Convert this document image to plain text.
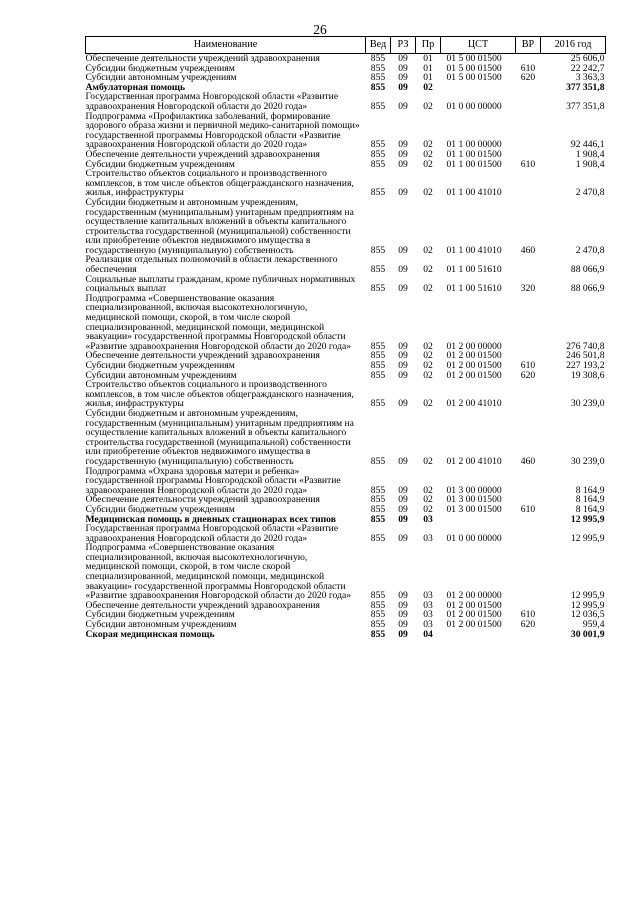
26
Наименование	Вед	РЗ	Пр	ЦСТ	ВР	2016 год
Обеспечение деятельности учреждений здравоохранения	855	09	01	01 5 00 01500		25 606,0
Субсидии бюджетным учреждениям	855	09	01	01 5 00 01500	610	22 242,7
Субсидии автономным учреждениям	855	09	01	01 5 00 01500	620	3 363,3
Амбулаторная помощь	855	09	02			377 351,8
Государственная программа Новгородской области «Развитие здравоохранения Новгородской области до 2020 года»	855	09	02	01 0 00 00000		377 351,8
Подпрограмма «Профилактика заболеваний, формирование здорового образа жизни и первичной медико-санитарной помощи» государственной программы Новгородской области «Развитие здравоохранения Новгородской области до 2020 года»	855	09	02	01 1 00 00000		92 446,1
Обеспечение деятельности учреждений здравоохранения	855	09	02	01 1 00 01500		1 908,4
Субсидии бюджетным учреждениям	855	09	02	01 1 00 01500	610	1 908,4
Строительство объектов социального и производственного комплексов, в том числе объектов общегражданского назначения, жилья, инфраструктуры	855	09	02	01 1 00 41010		2 470,8
Субсидии бюджетным и автономным учреждениям, государственным (муниципальным) унитарным предприятиям на осуществление капитальных вложений в объекты капитального строительства государственной (муниципальной) собственности или приобретение объектов недвижимого имущества в государственную (муниципальную) собственность	855	09	02	01 1 00 41010	460	2 470,8
Реализация отдельных полномочий в области лекарственного обеспечения	855	09	02	01 1 00 51610		88 066,9
Социальные выплаты гражданам, кроме публичных нормативных социальных выплат	855	09	02	01 1 00 51610	320	88 066,9
Подпрограмма «Совершенствование оказания специализированной, включая высокотехнологичную, медицинской помощи, скорой, в том числе скорой специализированной, медицинской помощи, медицинской эвакуации» государственной программы Новгородской области «Развитие здравоохранения Новгородской области до 2020 года»	855	09	02	01 2 00 00000		276 740,8
Обеспечение деятельности учреждений здравоохранения	855	09	02	01 2 00 01500		246 501,8
Субсидии бюджетным учреждениям	855	09	02	01 2 00 01500	610	227 193,2
Субсидии автономным учреждениям	855	09	02	01 2 00 01500	620	19 308,6
Строительство объектов социального и производственного комплексов, в том числе объектов общегражданского назначения, жилья, инфраструктуры	855	09	02	01 2 00 41010		30 239,0
Субсидии бюджетным и автономным учреждениям, государственным (муниципальным) унитарным предприятиям на осуществление капитальных вложений в объекты капитального строительства государственной (муниципальной) собственности или приобретение объектов недвижимого имущества в государственную (муниципальную) собственность	855	09	02	01 2 00 41010	460	30 239,0
Подпрограмма «Охрана здоровья матери и ребенка» государственной программы Новгородской области «Развитие здравоохранения Новгородской области до 2020 года»	855	09	02	01 3 00 00000		8 164,9
Обеспечение деятельности учреждений здравоохранения	855	09	02	01 3 00 01500		8 164,9
Субсидии бюджетным учреждениям	855	09	02	01 3 00 01500	610	8 164,9
Медицинская помощь в дневных стационарах всех типов	855	09	03			12 995,9
Государственная программа Новгородской области «Развитие здравоохранения Новгородской области до 2020 года»	855	09	03	01 0 00 00000		12 995,9
Подпрограмма «Совершенствование оказания специализированной, включая высокотехнологичную, медицинской помощи, скорой, в том числе скорой специализированной, медицинской помощи, медицинской эвакуации» государственной программы Новгородской области «Развитие здравоохранения Новгородской области до 2020 года»	855	09	03	01 2 00 00000		12 995,9
Обеспечение деятельности учреждений здравоохранения	855	09	03	01 2 00 01500		12 995,9
Субсидии бюджетным учреждениям	855	09	03	01 2 00 01500	610	12 036,5
Субсидии автономным учреждениям	855	09	03	01 2 00 01500	620	959,4
Скорая медицинская помощь	855	09	04			30 001,9
